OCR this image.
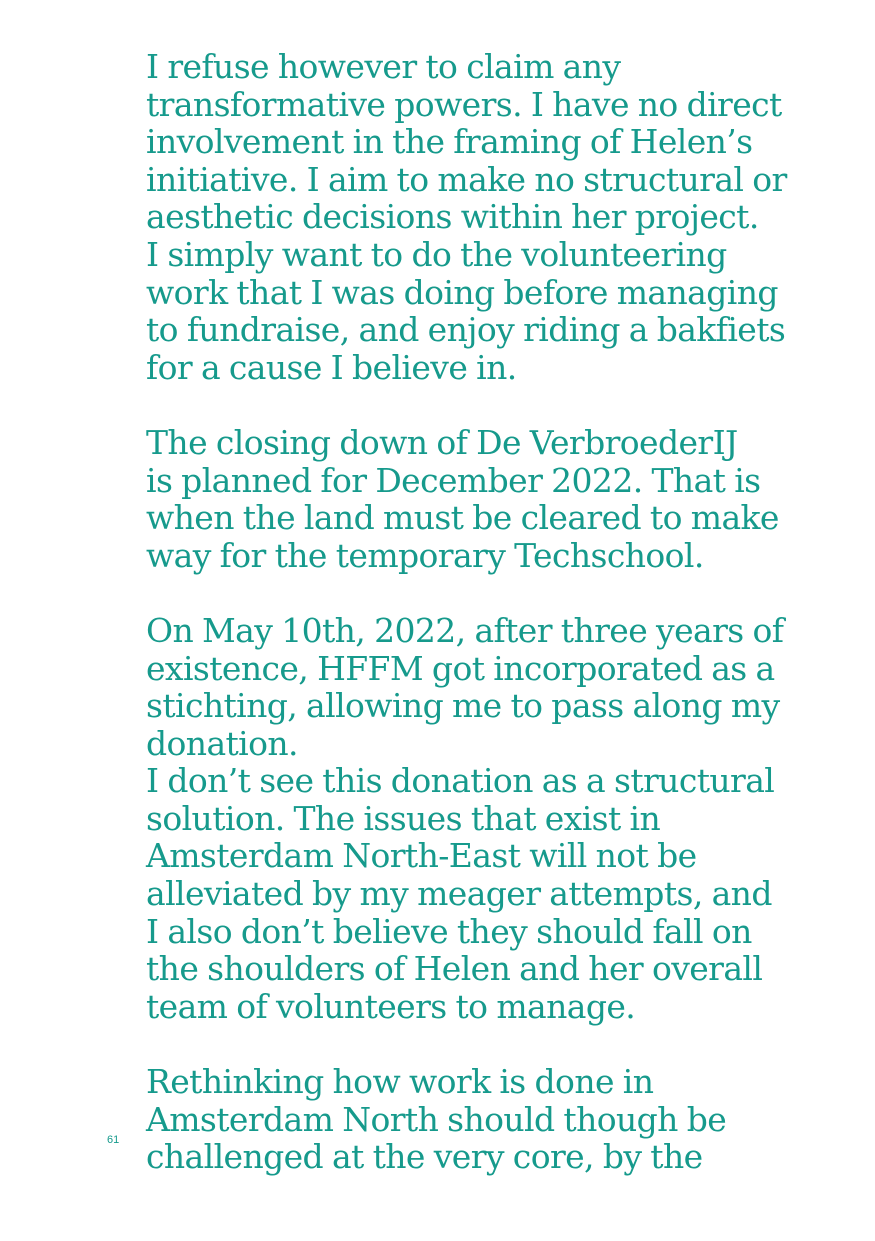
I refuse however to claim any
transformative powers. I have no direct
involvement in the framing of Helen’s
initiative. I aim to make no structural or
aesthetic decisions within her project.
I simply want to do the volunteering
work that I was doing before managing
to fundraise, and enjoy riding a bakfiets
for a cause I believe in.
The closing down of De VerbroederIJ
is planned for December 2022. That is
when the land must be cleared to make
way for the temporary Techschool.
On May 10th, 2022, after three years of
existence, HFFM got incorporated as a
stichting, allowing me to pass along my
donation.
I don’t see this donation as a structural
solution. The issues that exist in
Amsterdam North-East will not be
alleviated by my meager attempts, and
I also don’t believe they should fall on
the shoulders of Helen and her overall
team of volunteers to manage.
Rethinking how work is done in
Amsterdam North should though be
challenged at the very core, by the
61
